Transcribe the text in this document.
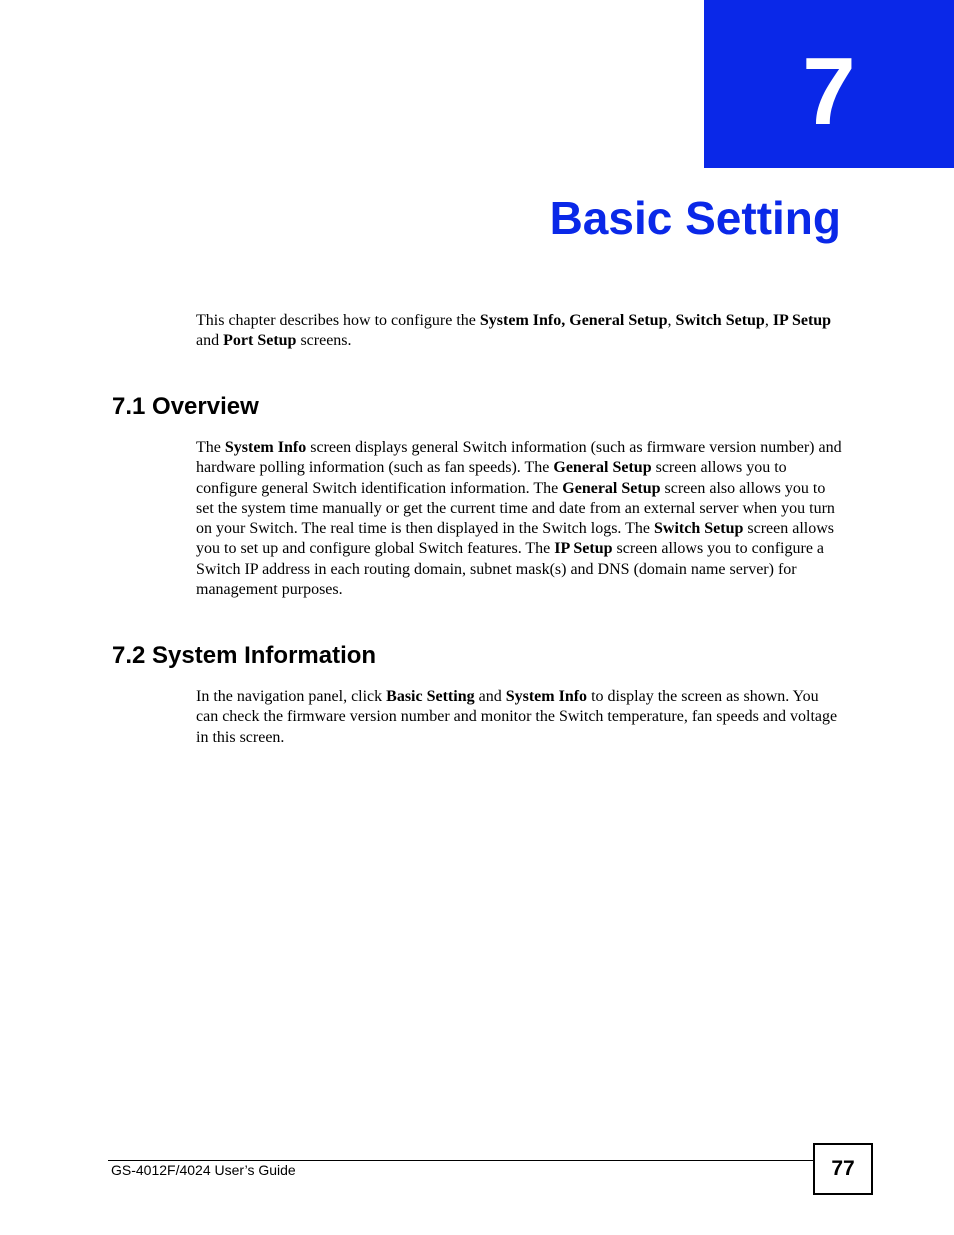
7
Basic Setting

This chapter describes how to configure the System Info, General Setup, Switch Setup, IP Setup and Port Setup screens.

7.1 Overview

The System Info screen displays general Switch information (such as firmware version number) and hardware polling information (such as fan speeds). The General Setup screen allows you to configure general Switch identification information. The General Setup screen also allows you to set the system time manually or get the current time and date from an external server when you turn on your Switch. The real time is then displayed in the Switch logs. The Switch Setup screen allows you to set up and configure global Switch features. The IP Setup screen allows you to configure a Switch IP address in each routing domain, subnet mask(s) and DNS (domain name server) for management purposes.

7.2 System Information

In the navigation panel, click Basic Setting and System Info to display the screen as shown. You can check the firmware version number and monitor the Switch temperature, fan speeds and voltage in this screen.

GS-4012F/4024 User’s Guide	77
